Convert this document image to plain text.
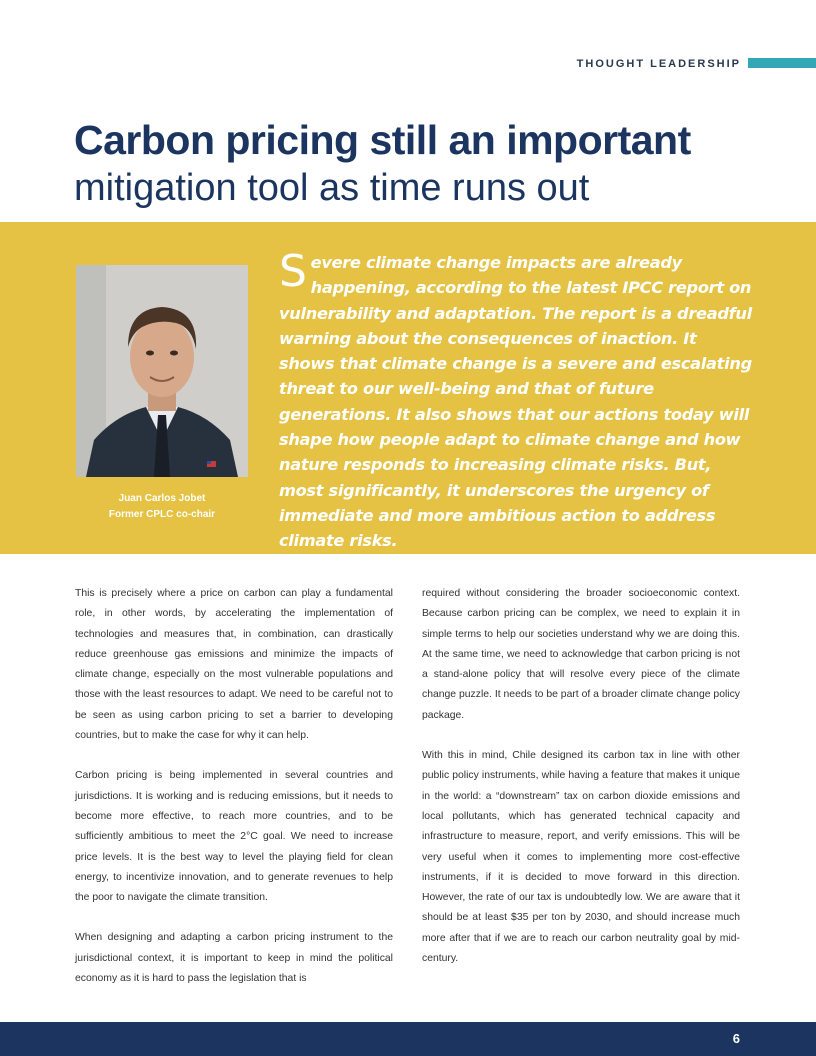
THOUGHT LEADERSHIP
Carbon pricing still an important
mitigation tool as time runs out
Juan Carlos Jobet
Former CPLC co-chair
Severe climate change impacts are already happening, according to the latest IPCC report on vulnerability and adaptation. The report is a dreadful warning about the consequences of inaction. It shows that climate change is a severe and escalating threat to our well-being and that of future generations. It also shows that our actions today will shape how people adapt to climate change and how nature responds to increasing climate risks. But, most significantly, it underscores the urgency of immediate and more ambitious action to address climate risks.

This is precisely where a price on carbon can play a fundamental role, in other words, by accelerating the implementation of technologies and measures that, in combination, can drastically reduce greenhouse gas emissions and minimize the impacts of climate change, especially on the most vulnerable populations and those with the least resources to adapt. We need to be careful not to be seen as using carbon pricing to set a barrier to developing countries, but to make the case for why it can help.

Carbon pricing is being implemented in several countries and jurisdictions. It is working and is reducing emissions, but it needs to become more effective, to reach more countries, and to be sufficiently ambitious to meet the 2°C goal. We need to increase price levels. It is the best way to level the playing field for clean energy, to incentivize innovation, and to generate revenues to help the poor to navigate the climate transition.

When designing and adapting a carbon pricing instrument to the jurisdictional context, it is important to keep in mind the political economy as it is hard to pass the legislation that is

required without considering the broader socioeconomic context. Because carbon pricing can be complex, we need to explain it in simple terms to help our societies understand why we are doing this. At the same time, we need to acknowledge that carbon pricing is not a stand-alone policy that will resolve every piece of the climate change puzzle. It needs to be part of a broader climate change policy package.

With this in mind, Chile designed its carbon tax in line with other public policy instruments, while having a feature that makes it unique in the world: a “downstream” tax on carbon dioxide emissions and local pollutants, which has generated technical capacity and infrastructure to measure, report, and verify emissions. This will be very useful when it comes to implementing more cost-effective instruments, if it is decided to move forward in this direction. However, the rate of our tax is undoubtedly low. We are aware that it should be at least $35 per ton by 2030, and should increase much more after that if we are to reach our carbon neutrality goal by mid-century.

6
